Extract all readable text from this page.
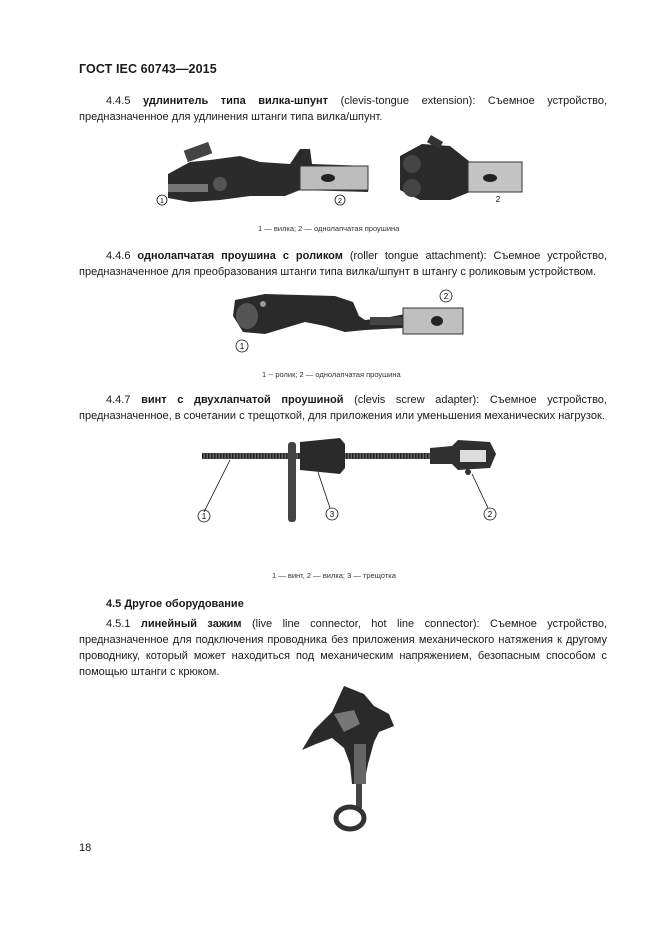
ГОСТ IEC 60743—2015
4.4.5 удлинитель типа вилка-шпунт (clevis-tongue extension): Съемное устройство, предназначенное для удлинения штанги типа вилка/шпунт.
1	2	2
1 — вилка; 2 — однолапчатая проушина
4.4.6 однолапчатая проушина с роликом (roller tongue attachment): Съемное устройство, предназначенное для преобразования штанги типа вилка/шпунт в штангу с роликовым устройством.
1
2
1 -- ролик; 2 — однолапчатая проушина
4.4.7 винт с двухлапчатой проушиной (clevis screw adapter): Съемное устройство, предназначенное, в сочетании с трещоткой, для приложения или уменьшения механических нагрузок.
1	3	2
1 — винт, 2 — вилка; 3 — трещотка
4.5 Другое оборудование
4.5.1 линейный зажим (live line connector, hot line connector): Съемное устройство, предназначенное для подключения проводника без приложения механического натяжения к другому проводнику, который может находиться под механическим напряжением, безопасным способом с помощью штанги с крюком.
18
